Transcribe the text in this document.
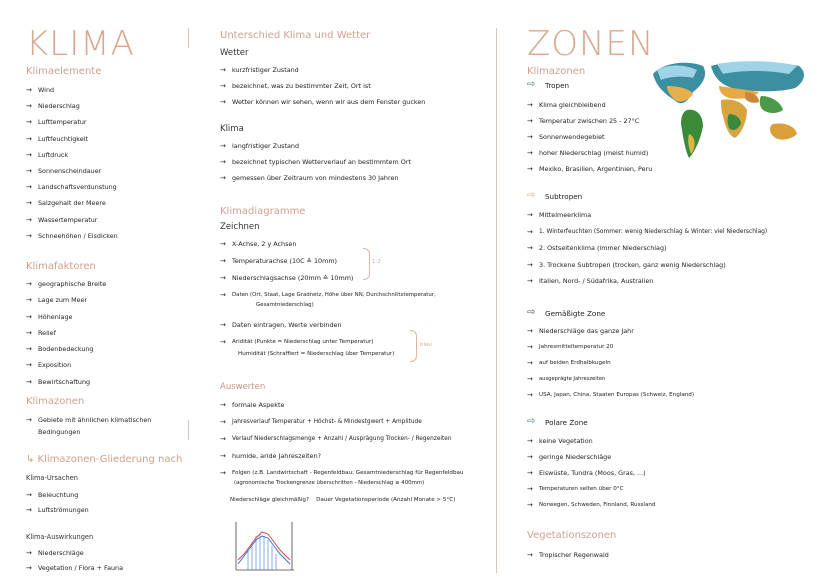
KLIMA

Klimaelemente

→ Wind
→ Niederschlag
→ Lufttemperatur
→ Luftfeuchtigkeit
→ Luftdruck
→ Sonnenscheindauer
→ Landschaftsverdunstung
→ Salzgehalt der Meere
→ Wassertemperatur
→ Schneehöhen / Eisdicken

Klimafaktoren

→ geographische Breite
→ Lage zum Meer
→ Höhenlage
→ Relief
→ Bodenbedeckung
→ Exposition
→ Bewirtschaftung

Klimazonen

→ Gebiete mit ähnlichen klimatischen Bedingungen

↳ Klimazonen-Gliederung nach

Klima-Ursachen

→ Beleuchtung
→ Luftströmungen

Klima-Auswirkungen

→ Niederschläge
→ Vegetation / Flora + Fauna

Unterschied Klima und Wetter

Wetter

→ kurzfristiger Zustand
→ bezeichnet, was zu bestimmter Zeit, Ort ist
→ Wetter können wir sehen, wenn wir aus dem Fenster gucken

Klima

→ langfristiger Zustand
→ bezeichnet typischen Wetterverlauf an bestimmtem Ort
→ gemessen über Zeitraum von mindestens 30 Jahren

Klimadiagramme

Zeichnen

→ X-Achse, 2 y Achsen
→ Temperaturachse (10C ≙ 10mm)
→ Niederschlagsachse (20mm ≙ 10mm)
→ Daten (Ort, Staat, Lage Gradnetz, Höhe über NN, Durchschnittstemperatur,
Gesamtniederschlag)
→ Daten eintragen, Werte verbinden
→ Aridität (Punkte = Niederschlag unter Temperatur)
Humidität (Schraffiert = Niederschlag über Temperatur)
1:2
blau

Auswerten

→ formale Aspekte
→ Jahresverlauf Temperatur + Höchst- & Mindestgwert + Amplitude
→ Verlauf Niederschlagsmenge + Anzahl / Ausprägung Trocken- / Regenzeiten
→ humide, aride Jahreszeiten?
→ Folgen (z.B. Landwirtschaft - Regenfeldbau: Gesamtniederschlag für Regenfeldbau
(agronomische Trockengrenze überschritten - Niederschlag ≥ 400mm)
Niederschläge gleichmäßig?    Dauer Vegetationsperiode (Anzahl Monate > 5°C)
ZONEN

Klimazonen

⇨ Tropen
→ Klima gleichbleibend
→ Temperatur zwischen 25 - 27°C
→ Sonnenwendegebiet
→ hoher Niederschlag (meist humid)
→ Mexiko, Brasilien, Argentinien, Peru
⇨ Subtropen
→ Mittelmeerklima
→ 1. Winterfeuchten (Sommer: wenig Niederschlag & Winter: viel Niederschlag)
→ 2. Ostseitenklima (immer Niederschlag)
→ 3. Trockene Subtropen (trocken, ganz wenig Niederschlag)
→ Italien, Nord- / Südafrika, Australien
⇨ Gemäßigte Zone
→ Niederschläge das ganze Jahr
→ Jahresmitteltemperatur 20
→ auf beiden Erdhalbkugeln
→ ausgeprägte Jahreszeiten
→ USA, Japan, China, Staaten Europas (Schweiz, England)
⇨ Polare Zone
→ keine Vegetation
→ geringe Niederschläge
→ Eiswüste, Tundra (Moos, Gras, ...)
→ Temperaturen selten über 0°C
→ Norwegen, Schweden, Finnland, Russland

Vegetationszonen

→ Tropischer Regenwald
